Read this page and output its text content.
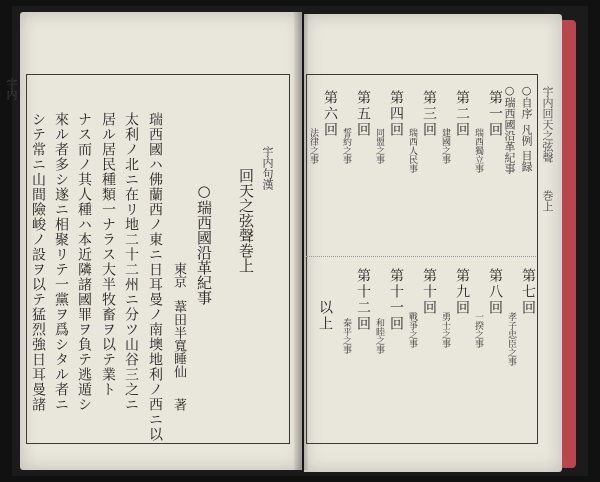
宇内
瑞西國ハ佛蘭西ノ東ニ日耳曼ノ南墺地利ノ西ニ以
太利ノ北ニ在リ地二十二州ニ分ツ山谷三之ニ
居ル居民種類一ナラス大半牧畜ヲ以テ業ト
ナス而ノ其人種ハ本近隣諸國罪ヲ負テ逃遁シ
來ル者多シ遂ニ相聚リテ一黨ヲ爲シタル者ニ
シテ常ニ山間險峻ノ設ヲ以テ猛烈強日耳曼諸	○瑞西國沿革紀事
東京
葦田半寬睡仙
著
宇内句漢
回天之弦聲巻上
宇内回天之弦聲
巻上
○自序
凡例
目録
○瑞西國沿革紀事
第一回
瑞西獨立事
第二回
建國之事
第三回
瑞西人民事
第四回
同盟之事
第五回
誓約之事
第六回
法律之事
第七回
孝子忠臣之事
第八回
一揆之事
第九回
勇士之事
第十回
戰爭之事
第十一回
和睦之事
第十二回
泰平之事
以上
